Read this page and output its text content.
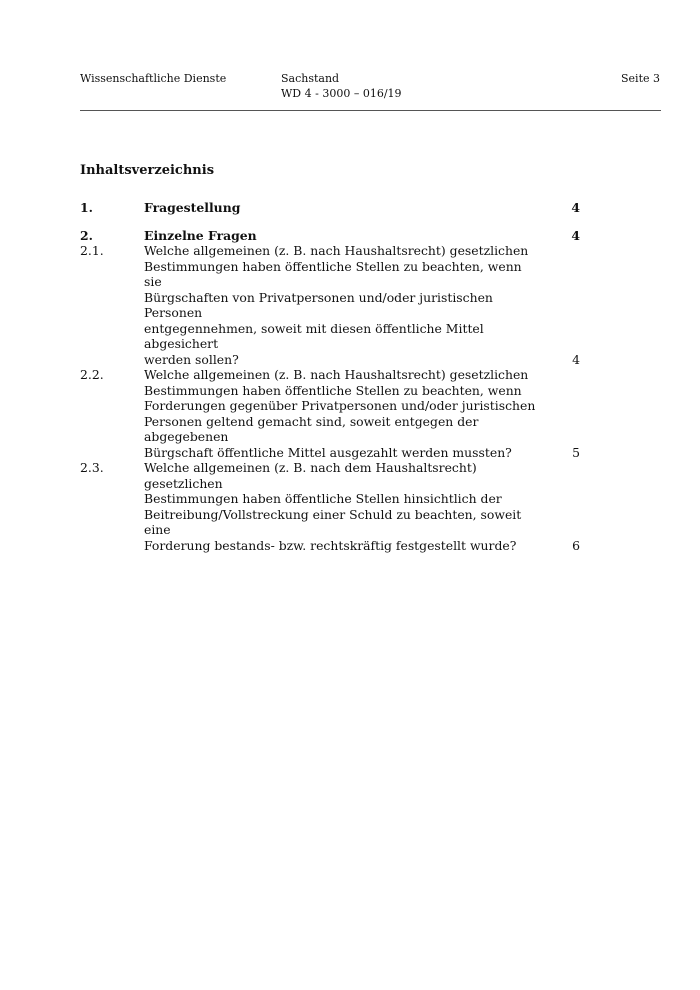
Wissenschaftliche Dienste	Sachstand
WD 4 - 3000 – 016/19
Seite 3
Inhaltsverzeichnis
1.	Fragestellung	4
2.	Einzelne Fragen	4
2.1.	Welche allgemeinen (z. B. nach Haushaltsrecht) gesetzlichen
Bestimmungen haben öffentliche Stellen zu beachten, wenn sie
Bürgschaften von Privatpersonen und/oder juristischen Personen
entgegennehmen, soweit mit diesen öffentliche Mittel abgesichert
werden sollen?	4
2.2.	Welche allgemeinen (z. B. nach Haushaltsrecht) gesetzlichen
Bestimmungen haben öffentliche Stellen zu beachten, wenn
Forderungen gegenüber Privatpersonen und/oder juristischen
Personen geltend gemacht sind, soweit entgegen der abgegebenen
Bürgschaft öffentliche Mittel ausgezahlt werden mussten?	5
2.3.	Welche allgemeinen (z. B. nach dem Haushaltsrecht) gesetzlichen
Bestimmungen haben öffentliche Stellen hinsichtlich der
Beitreibung/Vollstreckung einer Schuld zu beachten, soweit eine
Forderung bestands- bzw. rechtskräftig festgestellt wurde?	6
